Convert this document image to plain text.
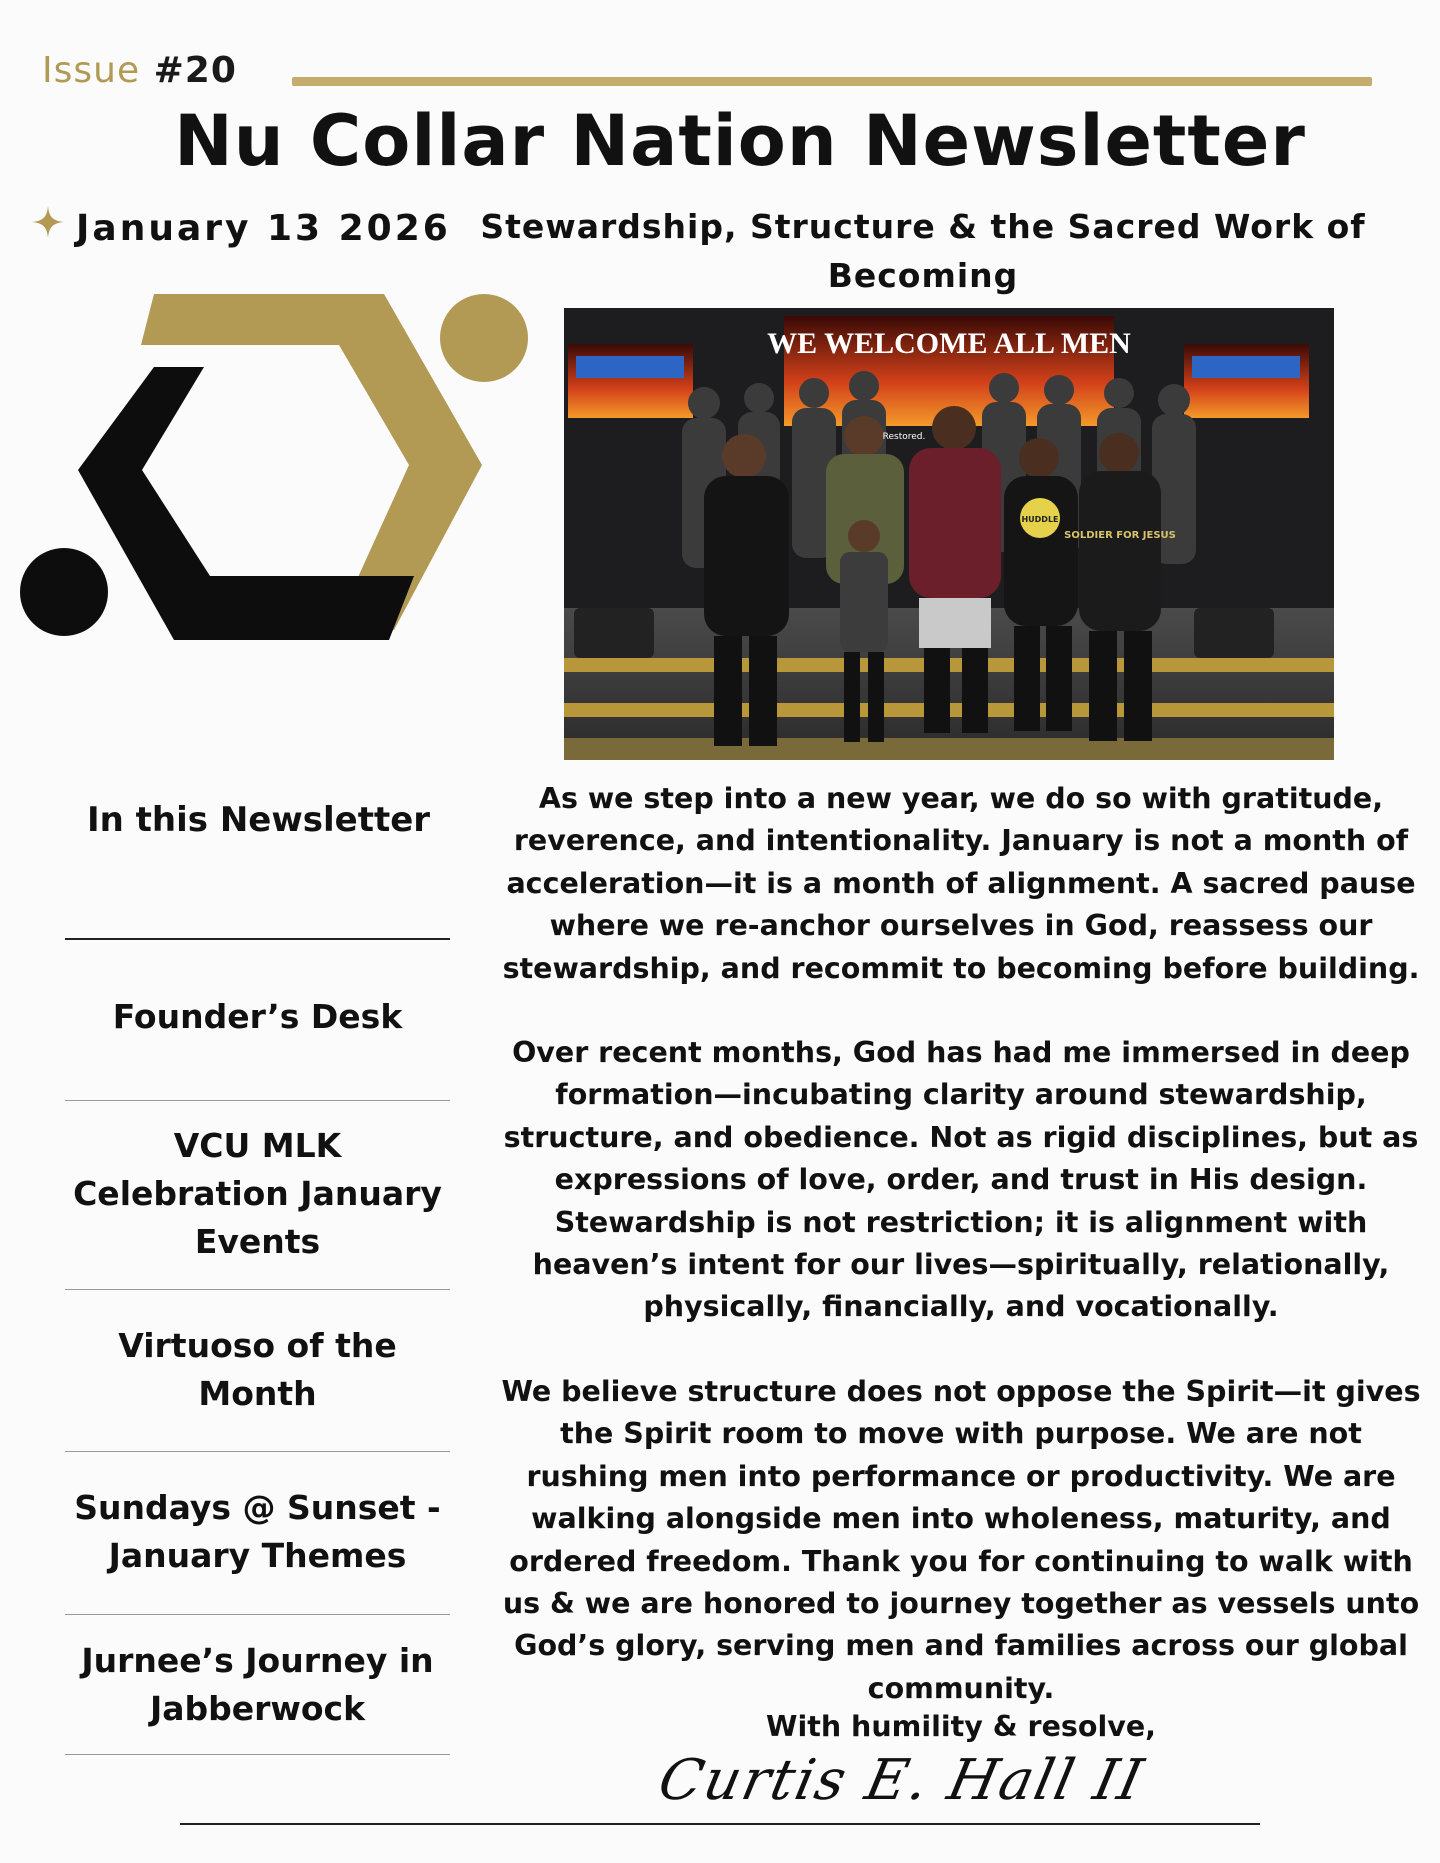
Issue #20
Nu Collar Nation Newsletter
January 13 2026 Stewardship, Structure & the Sacred Work of Becoming
WE WELCOME ALL MEN
SOLDIER FOR JESUS
Restored.
HUDDLE
In this Newsletter
Founder’s Desk
VCU MLK Celebration January Events
Virtuoso of the Month
Sundays @ Sunset - January Themes
Jurnee’s Journey in Jabberwock

As we step into a new year, we do so with gratitude, reverence, and intentionality. January is not a month of acceleration—it is a month of alignment. A sacred pause where we re-anchor ourselves in God, reassess our stewardship, and recommit to becoming before building.

Over recent months, God has had me immersed in deep formation—incubating clarity around stewardship, structure, and obedience. Not as rigid disciplines, but as expressions of love, order, and trust in His design. Stewardship is not restriction; it is alignment with heaven’s intent for our lives—spiritually, relationally, physically, financially, and vocationally.

We believe structure does not oppose the Spirit—it gives the Spirit room to move with purpose. We are not rushing men into performance or productivity. We are walking alongside men into wholeness, maturity, and ordered freedom. Thank you for continuing to walk with us & we are honored to journey together as vessels unto God’s glory, serving men and families across our global community.

With humility & resolve,
Curtis E. Hall II
